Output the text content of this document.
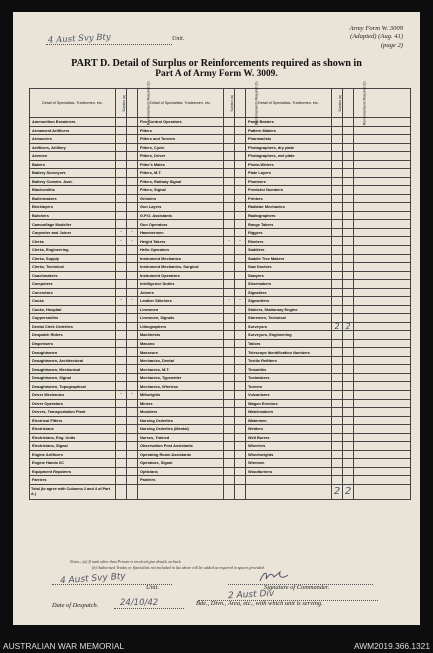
4 Aust Svy Bty	Unit.
Army Form W. 3009
(Adapted) (Aug. 41)
(page 2)
PART D. Detail of Surplus or Reinforcements required as shown in
Part A of Army Form W. 3009.
Detail of Specialists, Tradesmen, etc.	Surplus (a)	Reinforcements Required (b)	Detail of Specialists, Tradesmen, etc.	Surplus (a)	Reinforcements Required (b)	Detail of Specialists, Tradesmen, etc.	Surplus (a)	Reinforcements Required (b)	
Ammunition Examiners			Fire Control Operators			Panel Beaters			
Armament Artificers			Fitters			Pattern Makers			
Armourers			Fitters and Turners			Pharmacists			
Artificers, Artillery			Fitters, Cycle			Photographers, dry plate			
Axemen			Fitters, Driver			Photographers, wet plate			
Bakers			Fitter's Mates			Photo-Writers			
Battery Surveyors			Fitters, M.T.			Plate Layers			
Battery Comdrs. Asst.			Fitters, Railway Signal			Plumbers			
Blacksmiths			Fitters, Signal			Predictor Numbers			
Boilermakers			Grinders			Printers			
Bricklayers			Gun Layers			Radiator Mechanics			
Butchers			G.P.O. Assistants			Radiographers			
Camouflage Modeller			Gun Operators			Range Takers			
Carpenter and Joiner	-	-	Hammermen			Riggers			
Clerks	-	-	Height Takers	-	-	Riveters			
Clerks, Engineering			Hello Operators			Saddlers			
Clerks, Supply			Instrument Mechanics			Saddle Tree Makers			
Clerks, Technical			Instrument Mechanics, Surgical			Saw Doctors			
Coachmakers			Instrument Operators			Sawyers			
Computers			Intelligence Duties			Shoemakers			
Concretors			Joiners			Signallers			
Cooks	-	-	Leather Stitchers	-	-	Signwriters			
Cooks, Hospital			Linesmen			Stokers, Stationary Engine			
Coppersmiths			Linesmen, Signals			Storemen, Technical			
Dental Clerk Orderlies			Lithographers			Surveyors	2	2	
Despatch Riders			Machinists			Surveyors, Engineering			
Dispensers			Masons			Tailors			
Draughtsmen			Masseurs			Telescope Identification Numbers			
Draughtsmen, Architectural			Mechanics, Dental			Textile Refitters			
Draughtsmen, Mechanical			Mechanics, M.T.			Tinsmiths			
Draughtsmen, Signal			Mechanics, Typewriter			Toolmakers			
Draughtsmen, Topographical			Mechanics, Wireless			Turners			
Driver Mechanics	-	-	Millwrights			Vulcanisers			
Driver Operators			Miners			Wagon Erectors			
Drivers, Transportation Plant			Moulders			Watchmakers			
Electrical Fitters			Nursing Orderlies			Watermen			
Electricians			Nursing Orderlies (Mental)			Welders			
Electricians, Eng. Units			Nurses, Trained			Well Borers			
Electricians, Signal			Observation Post Assistants			Wheelers			
Engine Artificers			Operating Room Assistants			Wheelwrights			
Engine Hands I/C			Operators, Signal			Wiremen			
Equipment Repairers			Opticians			Woodturners			
Farriers			Painters						
Total (to agree with Columns 2 and 4 of Part A.)							2	2	
Notes—(a) If rank other than Private is involved give details on back.
(b) Authorised Trades or Specialists not included in list above will be added as required in spaces provided.
4 Aust Svy Bty
Unit.	Signature of Commander.
Date of Despatch.	24/10/42
2 Aust Div
Bde., Divn., Area, etc., with which unit is serving.
AUSTRALIAN WAR MEMORIAL	AWM2019.366.1321
